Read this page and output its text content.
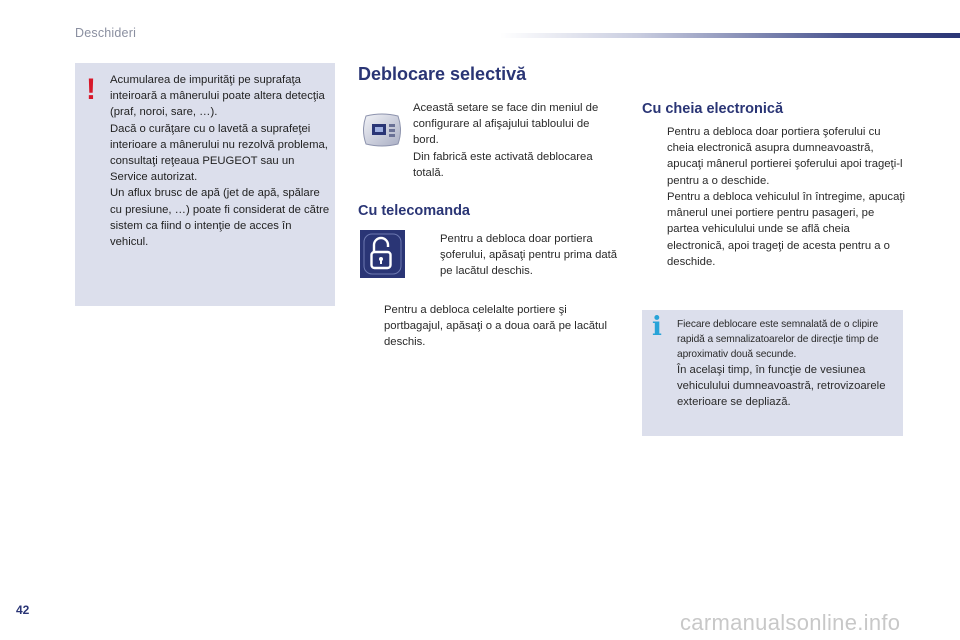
Deschideri
! Acumularea de impurităţi pe suprafaţa inteiroară a mânerului poate altera detecţia (praf, noroi, sare, …).

Dacă o curăţare cu o lavetă a suprafeţei interioare a mânerului nu rezolvă problema, consultaţi reţeaua PEUGEOT sau un Service autorizat.

Un aflux brusc de apă (jet de apă, spălare cu presiune, …) poate fi considerat de către sistem ca fiind o intenţie de acces în vehicul.

Deblocare selectivă

Această setare se face din meniul de configurare al afişajului tabloului de bord.

Din fabrică este activată deblocarea totală.

Cu telecomanda
Pentru a debloca doar portiera şoferului, apăsaţi pentru prima dată pe lacătul deschis.
Pentru a debloca celelalte portiere şi portbagajul, apăsaţi o a doua oară pe lacătul deschis.
Cu cheia electronică
Pentru a debloca doar portiera şoferului cu cheia electronică asupra dumneavoastră, apucaţi mânerul portierei şoferului apoi trageţi-l pentru a o deschide.
Pentru a debloca vehiculul în întregime, apucaţi mânerul unei portiere pentru pasageri, pe partea vehiculului unde se află cheia electronică, apoi trageţi de acesta pentru a o deschide.
i Fiecare deblocare este semnalată de o clipire rapidă a semnalizatoarelor de direcţie timp de aproximativ două secunde.
În acelaşi timp, în funcţie de vesiunea vehiculului dumneavoastră, retrovizoarele exterioare se depliază.
42	carmanualsonline.info
